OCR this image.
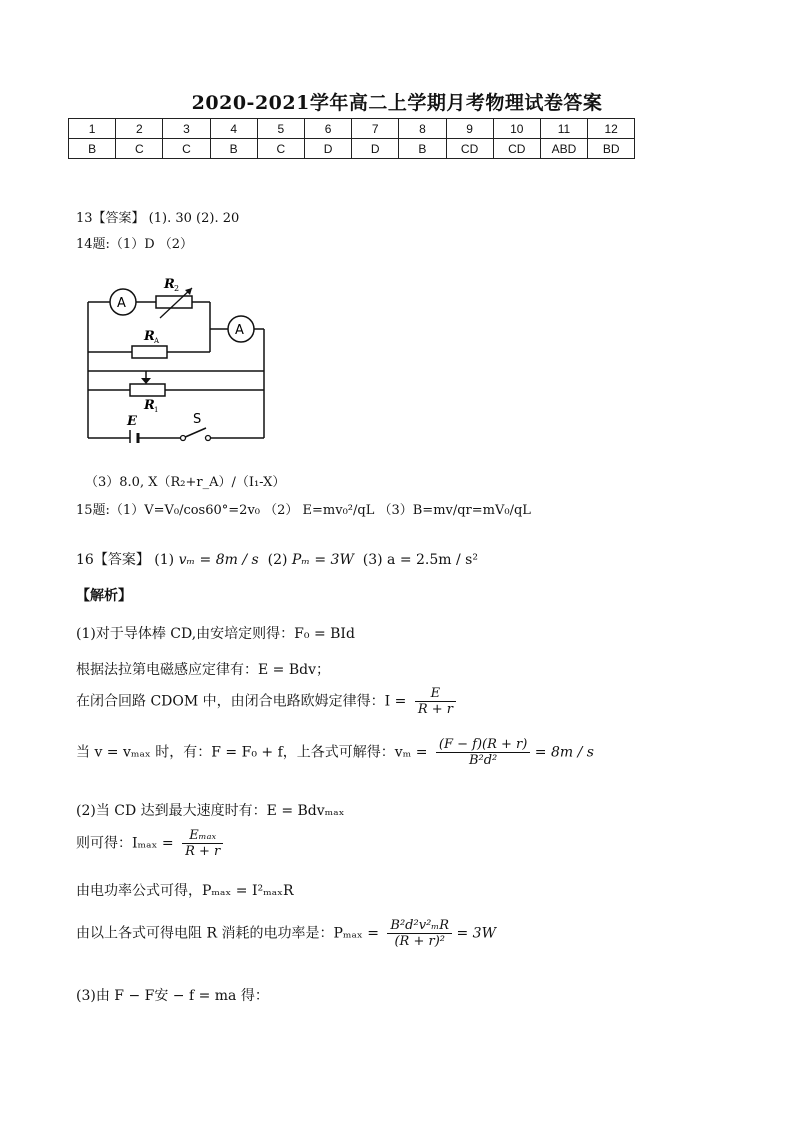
2020-2021学年高二上学期月考物理试卷答案
1	2	3	4	5	6	7	8	9	10	11	12
B	C	C	B	C	D	D	B	CD	CD	ABD	BD
13【答案】 (1). 30 (2). 20
14题:（1）D （2）
A
R 2
A
R A
R 1
E	S
（3）8.0, X（R₂+r_A）/（I₁-X）
15题:（1）V=V₀/cos60°=2v₀ （2） E=mv₀²/qL （3）B=mv/qr=mV₀/qL
16【答案】 (1) vₘ = 8m / s (2) Pₘ = 3W (3) a = 2.5m / s²
【解析】
(1)对于导体棒 CD,由安培定则得：F₀ = BId
根据法拉第电磁感应定律有：E = Bdv；
在闭合回路 CDOM 中，由闭合电路欧姆定律得：$I = \frac{E}{R + r}$
当 v = vₘₐₓ 时，有：F = F₀ + f，上各式可解得：$v_m = \frac{(F - f)(R + r)}{\text{B²d²}} = 8m / s$
(2)当 CD 达到最大速度时有：E = Bdvₘₐₓ
则可得：$I_{max} = \frac{\text{Eₘₐₓ}}{R + r}$
由电功率公式可得，Pₘₐₓ = I²ₘₐₓR
由以上各式可得电阻 R 消耗的电功率是：$P_{max} = \frac{\text{B²d²v²ₘR}}{\text{(R + r)²}} = 3W$
(3)由 F − F安 − f = ma 得：
